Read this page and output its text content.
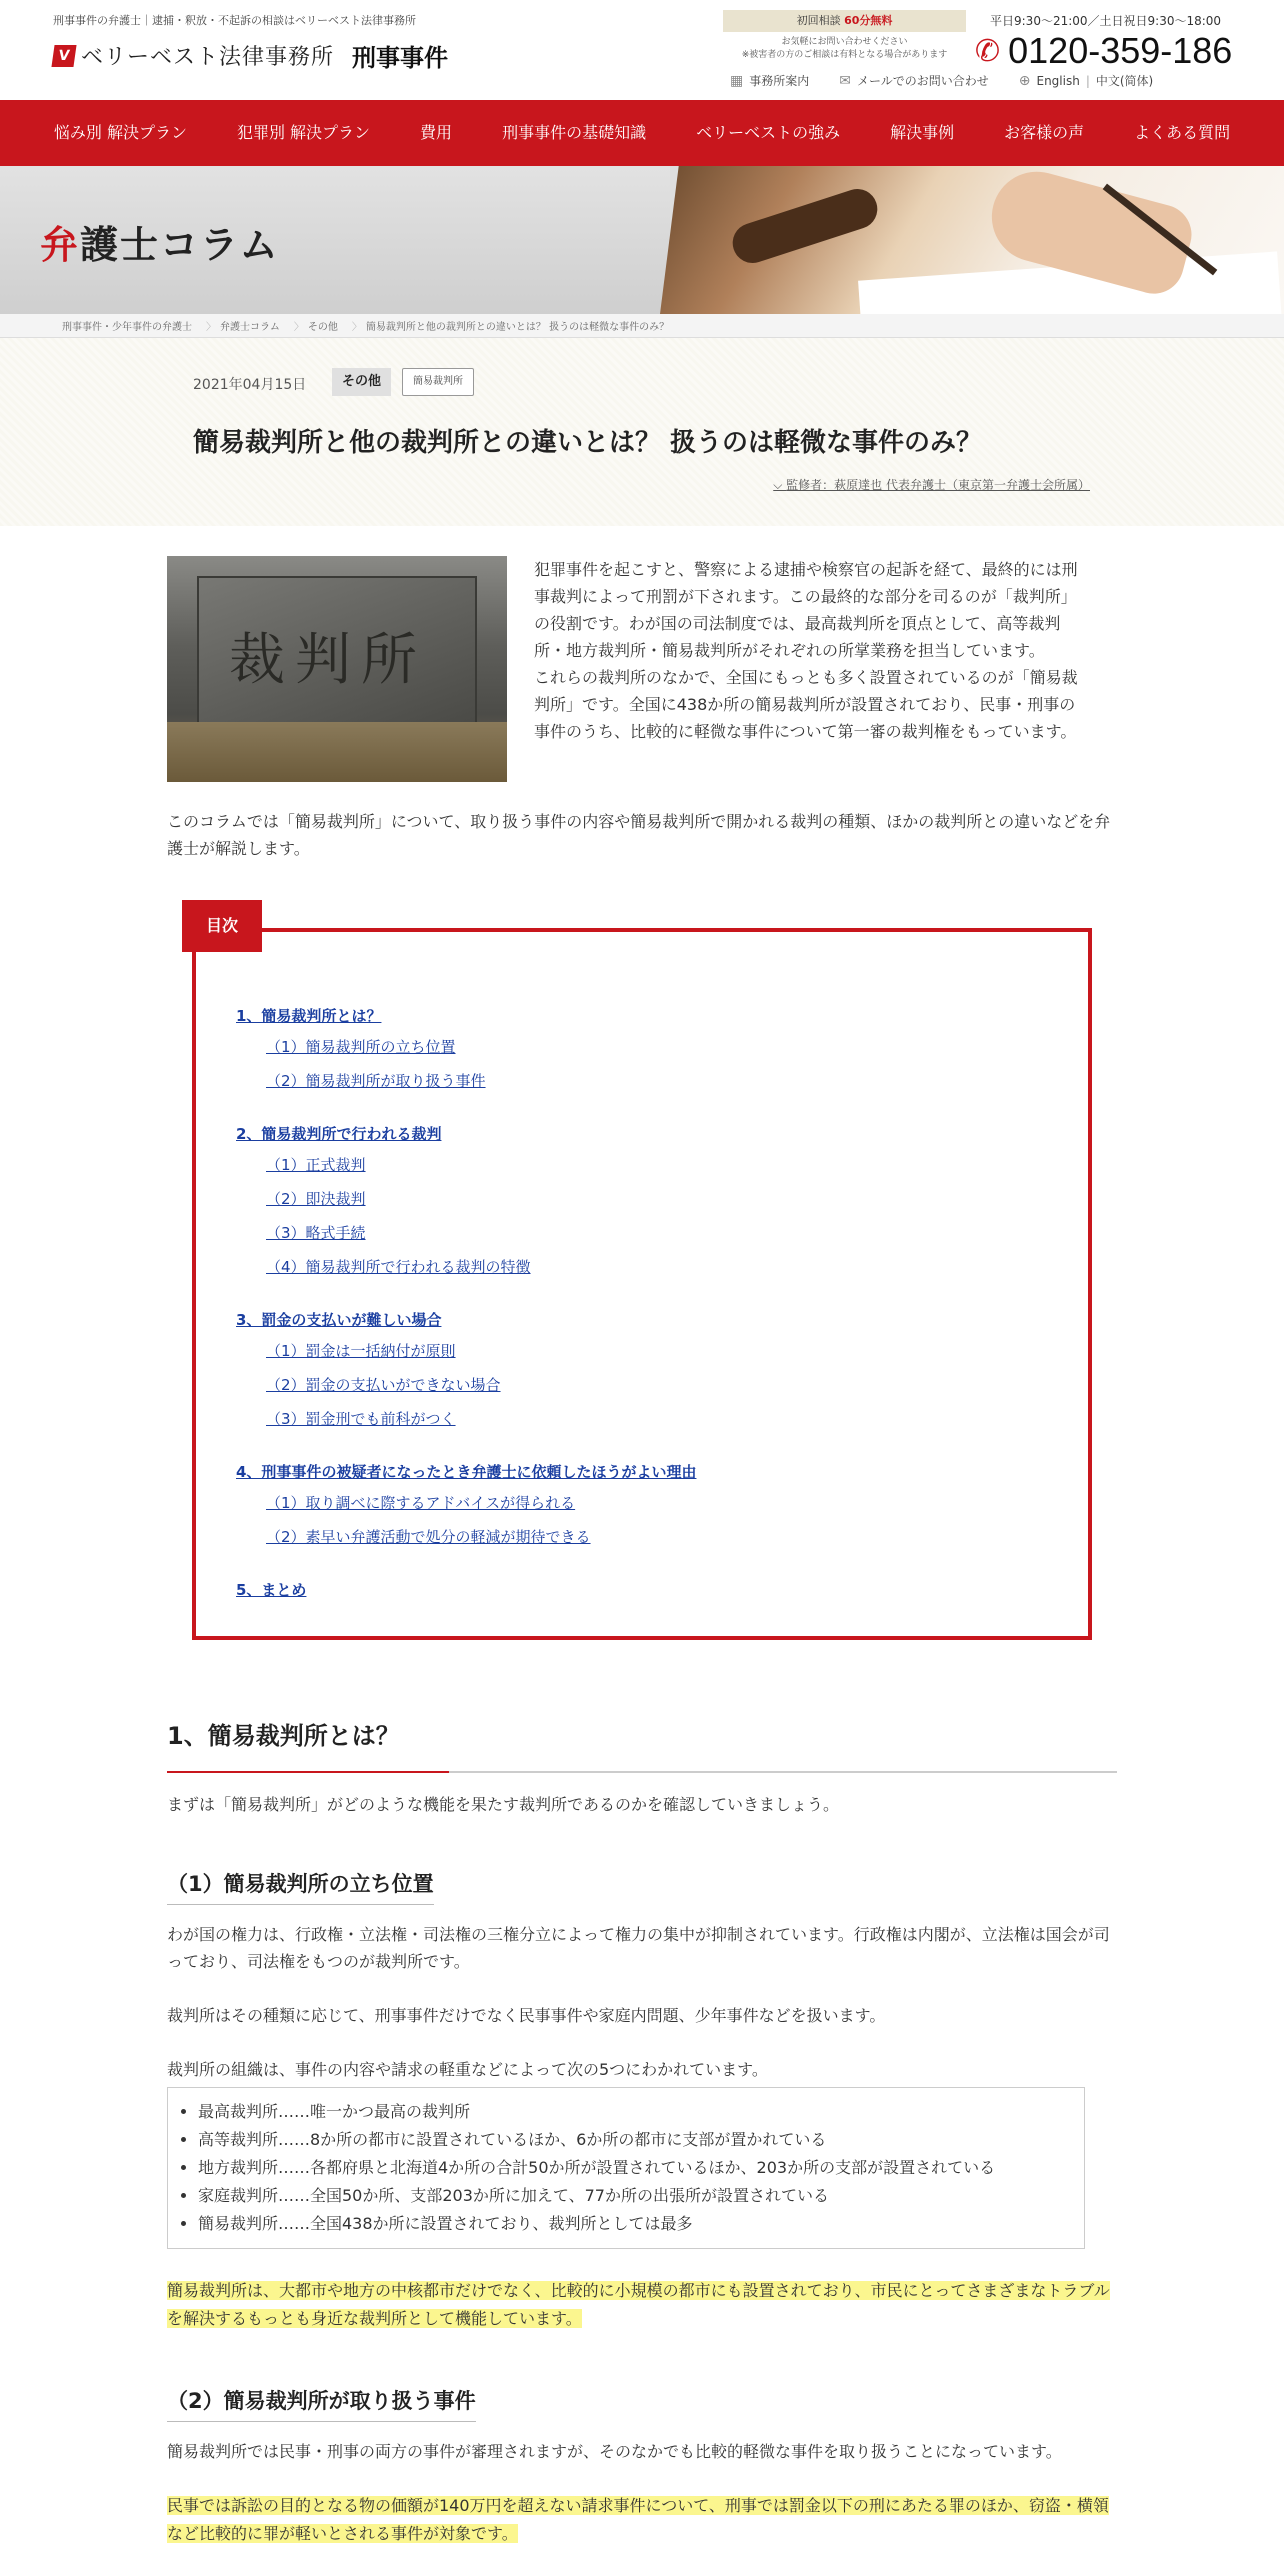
刑事事件の弁護士｜逮捕・釈放・不起訴の相談はベリーベスト法律事務所
V ベリーベスト法律事務所 刑事事件
初回相談 60分無料
お気軽にお問い合わせください
※被害者の方のご相談は有料となる場合があります
平日9:30～21:00／土日祝日9:30～18:00
✆ 0120-359-186
▦ 事務所案内 ✉ メールでのお問い合わせ ⊕ English | 中文(简体)
悩み別 解決プラン	犯罪別 解決プラン	費用	刑事事件の基礎知識	ベリーベストの強み	解決事例	お客様の声	よくある質問
弁護士コラム
刑事事件・少年事件の弁護士 〉	弁護士コラム 〉	その他 〉	簡易裁判所と他の裁判所との違いとは？ 扱うのは軽微な事件のみ？
2021年04月15日	その他	簡易裁判所
簡易裁判所と他の裁判所との違いとは？ 扱うのは軽微な事件のみ？
⌵ 監修者：萩原達也 代表弁護士（東京第一弁護士会所属）
裁判所

犯罪事件を起こすと、警察による逮捕や検察官の起訴を経て、最終的には刑事裁判によって刑罰が下されます。この最終的な部分を司るのが「裁判所」の役割です。わが国の司法制度では、最高裁判所を頂点として、高等裁判所・地方裁判所・簡易裁判所がそれぞれの所掌業務を担当しています。

これらの裁判所のなかで、全国にもっとも多く設置されているのが「簡易裁判所」です。全国に438か所の簡易裁判所が設置されており、民事・刑事の事件のうち、比較的に軽微な事件について第一審の裁判権をもっています。

このコラムでは「簡易裁判所」について、取り扱う事件の内容や簡易裁判所で開かれる裁判の種類、ほかの裁判所との違いなどを弁護士が解説します。

1、簡易裁判所とは？
（1）簡易裁判所の立ち位置
（2）簡易裁判所が取り扱う事件
2、簡易裁判所で行われる裁判
（1）正式裁判
（2）即決裁判
（3）略式手続
（4）簡易裁判所で行われる裁判の特徴
3、罰金の支払いが難しい場合
（1）罰金は一括納付が原則
（2）罰金の支払いができない場合
（3）罰金刑でも前科がつく
4、刑事事件の被疑者になったとき弁護士に依頼したほうがよい理由
（1）取り調べに際するアドバイスが得られる
（2）素早い弁護活動で処分の軽減が期待できる
5、まとめ
目次
1、簡易裁判所とは？

まずは「簡易裁判所」がどのような機能を果たす裁判所であるのかを確認していきましょう。

（1）簡易裁判所の立ち位置

わが国の権力は、行政権・立法権・司法権の三権分立によって権力の集中が抑制されています。行政権は内閣が、立法権は国会が司っており、司法権をもつのが裁判所です。

裁判所はその種類に応じて、刑事事件だけでなく民事事件や家庭内問題、少年事件などを扱います。

裁判所の組織は、事件の内容や請求の軽重などによって次の5つにわかれています。

• 最高裁判所……唯一かつ最高の裁判所
• 高等裁判所……8か所の都市に設置されているほか、6か所の都市に支部が置かれている
• 地方裁判所……各都府県と北海道4か所の合計50か所が設置されているほか、203か所の支部が設置されている
• 家庭裁判所……全国50か所、支部203か所に加えて、77か所の出張所が設置されている
• 簡易裁判所……全国438か所に設置されており、裁判所としては最多

簡易裁判所は、大都市や地方の中核都市だけでなく、比較的に小規模の都市にも設置されており、市民にとってさまざまなトラブルを解決するもっとも身近な裁判所として機能しています。

（2）簡易裁判所が取り扱う事件

簡易裁判所では民事・刑事の両方の事件が審理されますが、そのなかでも比較的軽微な事件を取り扱うことになっています。

民事では訴訟の目的となる物の価額が140万円を超えない請求事件について、刑事では罰金以下の刑にあたる罪のほか、窃盗・横領など比較的に罪が軽いとされる事件が対象です。
